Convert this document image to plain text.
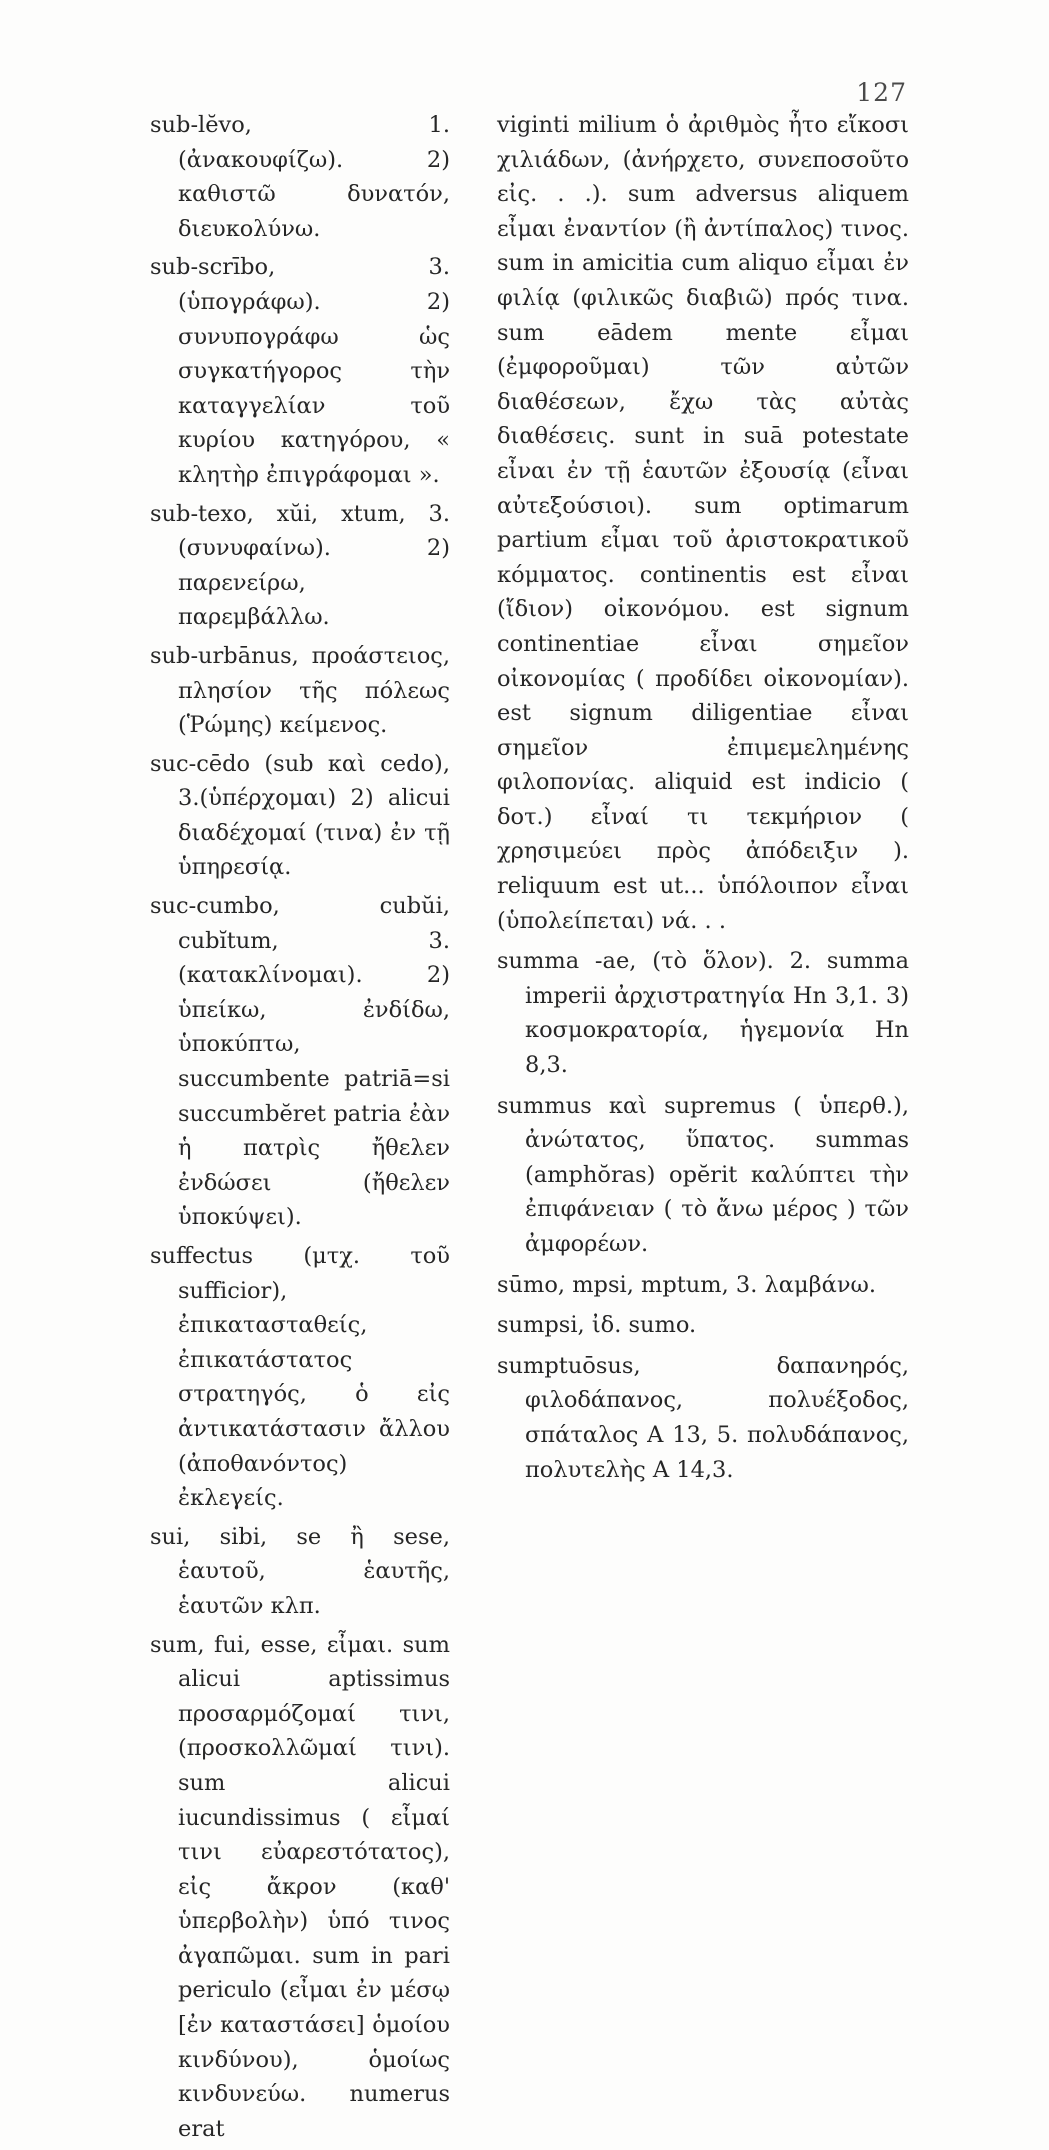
127

sub-lĕvo, 1. (ἀνακουφίζω). 2) καθιστῶ δυνατόν, διευκολύνω.

sub-scrībo, 3. (ὑπογράφω). 2) συνυπογράφω ὡς συγκατήγορος τὴν καταγγελίαν τοῦ κυρίου κατηγόρου, « κλητὴρ ἐπιγράφομαι ».

sub-texo, xŭi, xtum, 3. (συνυφαίνω). 2) παρενείρω, παρεμβάλλω.

sub-urbānus, προάστειος, πλησίον τῆς πόλεως (Ῥώμης) κείμενος.

suc-cēdo (sub καὶ cedo), 3.(ὑπέρχομαι) 2) alicui διαδέχομαί (τινα) ἐν τῇ ὑπηρεσίᾳ.

suc-cumbo, cubŭi, cubĭtum, 3. (κατακλίνομαι). 2) ὑπείκω, ἐνδίδω, ὑποκύπτω, succumbente patriā=si succumbĕret patria ἐὰν ἡ πατρὶς ἤθελεν ἐνδώσει (ἤθελεν ὑποκύψει).

suffectus (μτχ. τοῦ sufficior), ἐπικατασταθείς, ἐπικατάστατος στρατηγός, ὁ εἰς ἀντικατάστασιν ἄλλου (ἀποθανόντος) ἐκλεγείς.

sui, sibi, se ἢ sese, ἑαυτοῦ, ἑαυτῆς, ἑαυτῶν κλπ.

sum, fui, esse, εἶμαι. sum alicui aptissimus προσαρμόζομαί τινι, (προσκολλῶμαί τινι). sum alicui iucundissimus ( εἶμαί τινι εὐαρεστότατος), εἰς ἄκρον (καθ' ὑπερβολὴν) ὑπό τινος ἀγαπῶμαι. sum in pari periculo (εἶμαι ἐν μέσῳ [ἐν καταστάσει] ὁμοίου κινδύνου), ὁμοίως κινδυνεύω. numerus erat

viginti milium ὁ ἀριθμὸς ἦτο εἴκοσι χιλιάδων, (ἀνήρχετο, συνεποσοῦτο εἰς. . .). sum adversus aliquem εἶμαι ἐναντίον (ἢ ἀντίπαλος) τινος. sum in amicitia cum aliquo εἶμαι ἐν φιλίᾳ (φιλικῶς διαβιῶ) πρός τινα. sum eādem mente εἶμαι (ἐμφοροῦμαι) τῶν αὐτῶν διαθέσεων, ἔχω τὰς αὐτὰς διαθέσεις. sunt in suā potestate εἶναι ἐν τῇ ἑαυτῶν ἐξουσίᾳ (εἶναι αὐτεξούσιοι). sum optimarum partium εἶμαι τοῦ ἀριστοκρατικοῦ κόμματος. continentis est εἶναι (ἴδιον) οἰκονόμου. est signum continentiae εἶναι σημεῖον οἰκονομίας ( προδίδει οἰκονομίαν). est signum diligentiae εἶναι σημεῖον ἐπιμεμελημένης φιλοπονίας. aliquid est indicio ( δοτ.) εἶναί τι τεκμήριον ( χρησιμεύει πρὸς ἀπόδειξιν ). reliquum est ut... ὑπόλοιπον εἶναι (ὑπολείπεται) νά. . .

summa -ae, (τὸ ὅλον). 2. summa imperii ἀρχιστρατηγία Hn 3,1. 3) κοσμοκρατορία, ἡγεμονία Hn 8,3.

summus καὶ supremus ( ὑπερθ.), ἀνώτατος, ὕπατος. summas (amphŏras) opĕrit καλύπτει τὴν ἐπιφάνειαν ( τὸ ἄνω μέρος ) τῶν ἀμφορέων.

sūmo, mpsi, mptum, 3. λαμβάνω.

sumpsi, ἰδ. sumo.

sumptuōsus, δαπανηρός, φιλοδάπανος, πολυέξοδος, σπάταλος A 13, 5. πολυδάπανος, πολυτελὴς A 14,3.
